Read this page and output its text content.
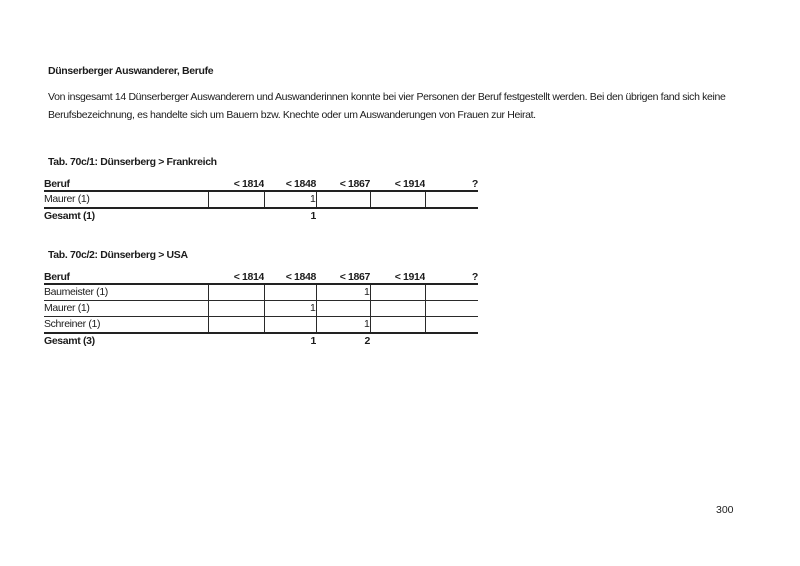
Dünserberger Auswanderer, Berufe
Von insgesamt 14 Dünserberger Auswanderern und Auswanderinnen konnte bei vier Personen der Beruf festgestellt werden. Bei den übrigen fand sich keine
Berufsbezeichnung, es handelte sich um Bauern bzw. Knechte oder um Auswanderungen von Frauen zur Heirat.
Tab. 70c/1: Dünserberg > Frankreich
Beruf	< 1814	< 1848	< 1867	< 1914	?
Maurer (1)		1			
Gesamt (1)		1			
Tab. 70c/2: Dünserberg > USA
Beruf	< 1814	< 1848	< 1867	< 1914	?
Baumeister (1)			1		
Maurer (1)		1			
Schreiner (1)			1		
Gesamt (3)		1	2		
300
